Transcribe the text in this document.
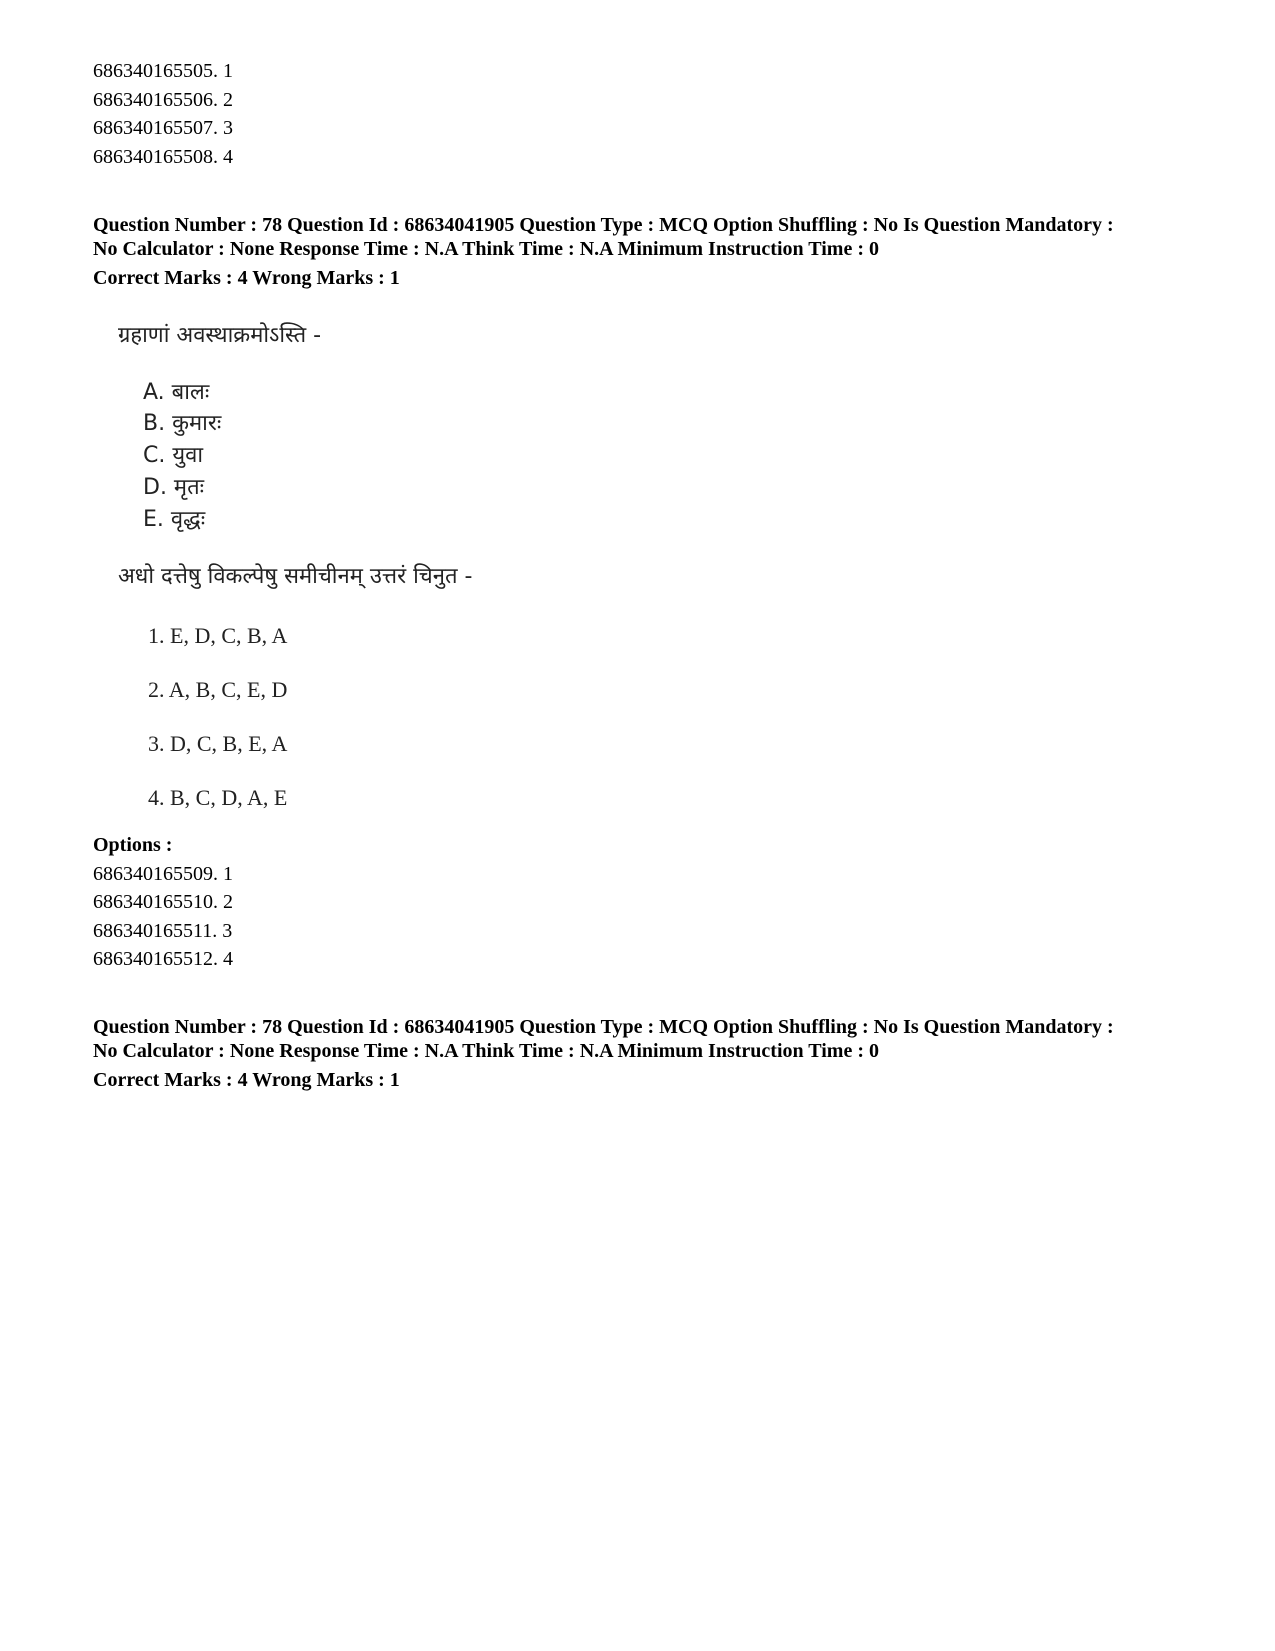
686340165505. 1
686340165506. 2
686340165507. 3
686340165508. 4
Question Number : 78 Question Id : 68634041905 Question Type : MCQ Option Shuffling : No Is Question Mandatory :
No Calculator : None Response Time : N.A Think Time : N.A Minimum Instruction Time : 0
Correct Marks : 4 Wrong Marks : 1
ग्रहाणां अवस्थाक्रमोऽस्ति -
A. बालः
B. कुमारः
C. युवा
D. मृतः
E. वृद्धः
अधो दत्तेषु विकल्पेषु समीचीनम् उत्तरं चिनुत -
1. E, D, C, B, A
2. A, B, C, E, D
3. D, C, B, E, A
4. B, C, D, A, E
Options :
686340165509. 1
686340165510. 2
686340165511. 3
686340165512. 4
Question Number : 78 Question Id : 68634041905 Question Type : MCQ Option Shuffling : No Is Question Mandatory :
No Calculator : None Response Time : N.A Think Time : N.A Minimum Instruction Time : 0
Correct Marks : 4 Wrong Marks : 1
